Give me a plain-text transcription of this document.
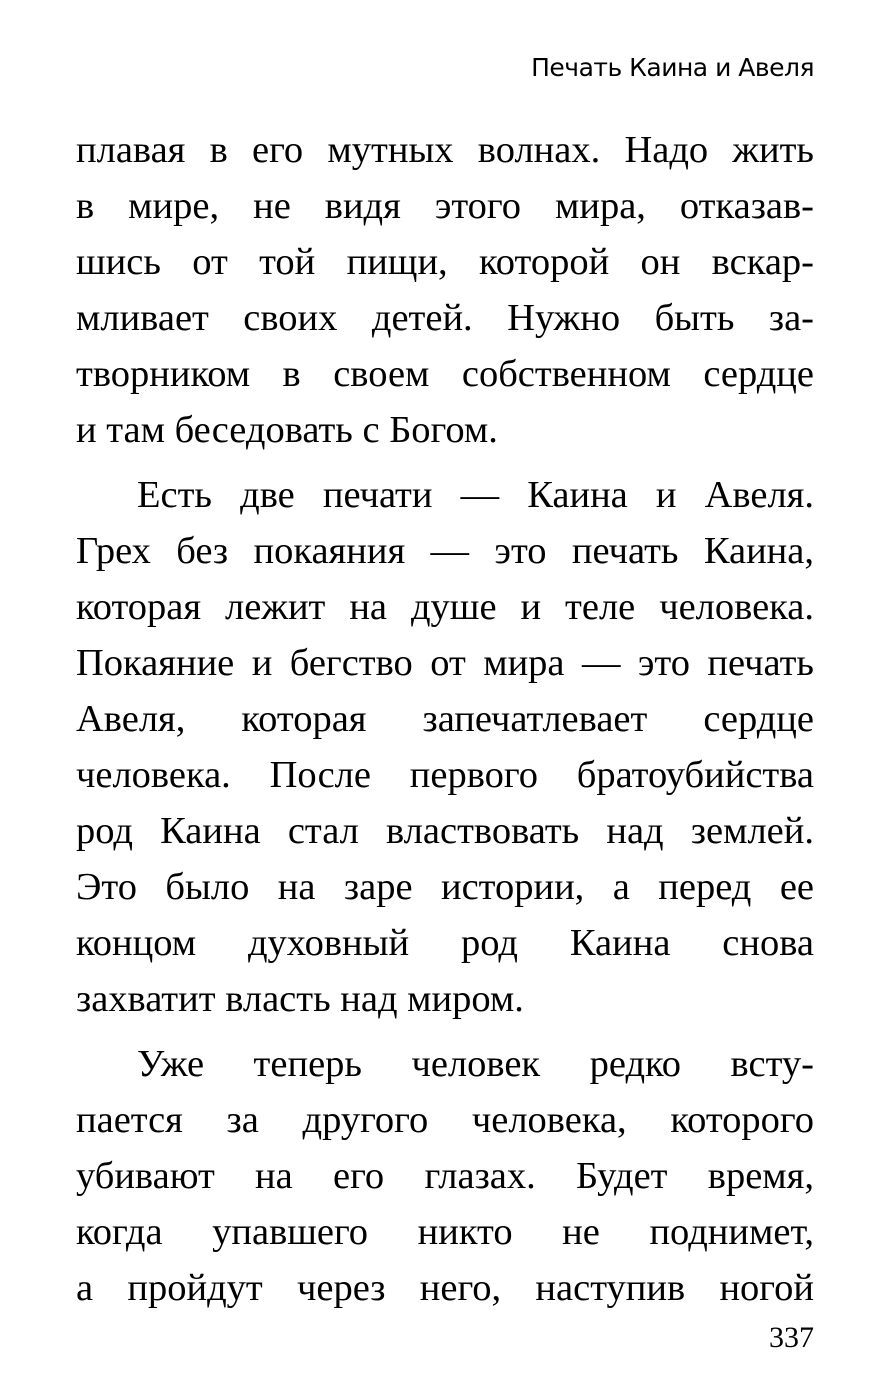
Печать Каина и Авеля
плавая в его мутных волнах. Надо жить
в мире, не видя этого мира, отказав-
шись от той пищи, которой он вскар-
мливает своих детей. Нужно быть за-
творником в своем собственном сердце
и там беседовать с Богом.
Есть две печати — Каина и Авеля.
Грех без покаяния — это печать Каина,
которая лежит на душе и теле человека.
Покаяние и бегство от мира — это печать
Авеля, которая запечатлевает сердце
человека. После первого братоубийства
род Каина стал властвовать над землей.
Это было на заре истории, а перед ее
концом духовный род Каина снова
захватит власть над миром.
Уже теперь человек редко всту-
пается за другого человека, которого
убивают на его глазах. Будет время,
когда упавшего никто не поднимет,
а пройдут через него, наступив ногой
337
